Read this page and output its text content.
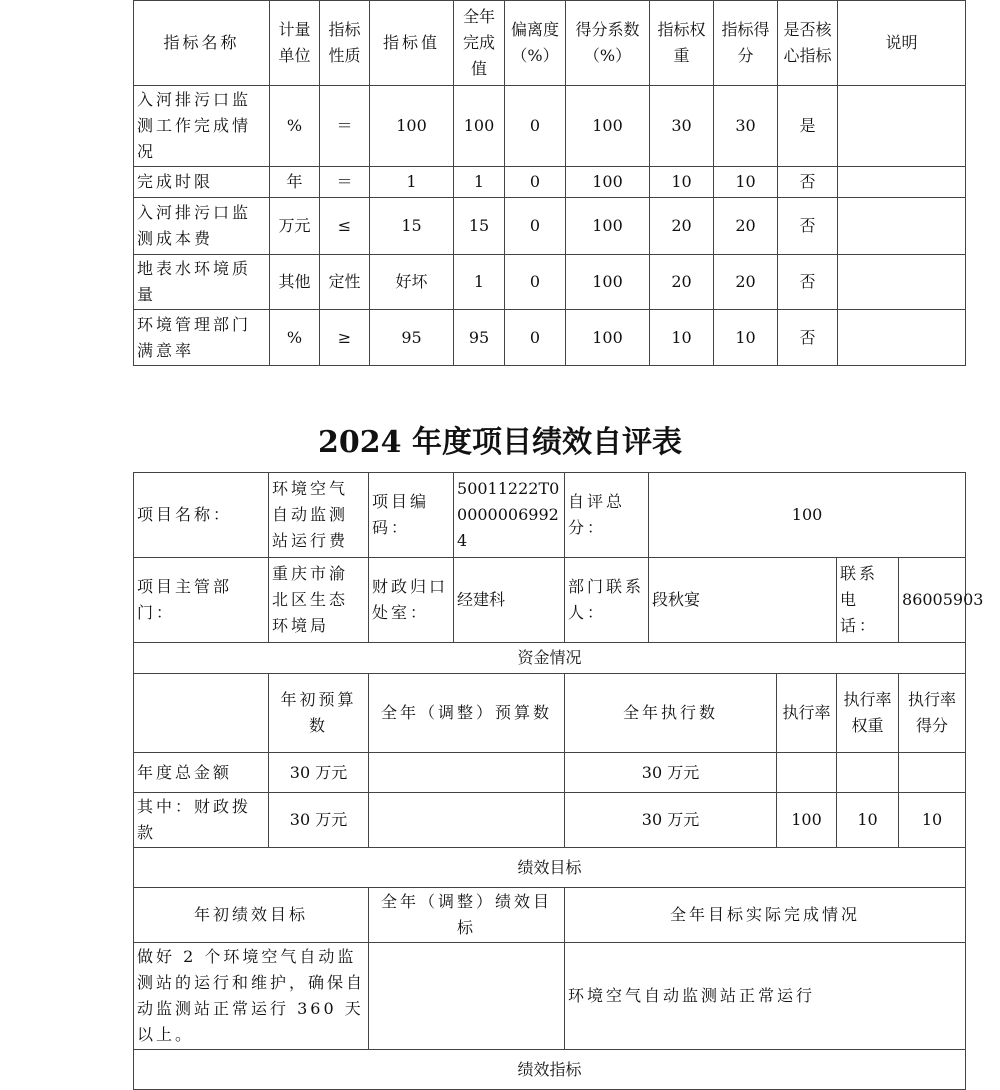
指标名称	计量单位	指标性质	指标值	全年完成值	偏离度（%）	得分系数（%）	指标权重	指标得分	是否核心指标	说明
入河排污口监测工作完成情况	%	＝	100	100	0	100	30	30	是	
完成时限	年	＝	1	1	0	100	10	10	否	
入河排污口监测成本费	万元	≤	15	15	0	100	20	20	否	
地表水环境质量	其他	定性	好坏	1	0	100	20	20	否	
环境管理部门满意率	%	≥	95	95	0	100	10	10	否	
2024 年度项目绩效自评表
项目名称：	环境空气自动监测站运行费	项目编码：	50011222T000000069924	自评总分：	100			
项目主管部门：	重庆市渝北区生态环境局	财政归口处室：	经建科	部门联系人：	段秋宴		联系电话：	86005903
资金情况								
	年初预算数	全年（调整）预算数		全年执行数		执行率	执行率权重	执行率得分
年度总金额	30 万元			30 万元				
其中：财政拨款	30 万元			30 万元		100	10	10
绩效目标								
年初绩效目标		全年（调整）绩效目标		全年目标实际完成情况				
做好 2 个环境空气自动监测站的运行和维护，确保自动监测站正常运行 360 天以上。				环境空气自动监测站正常运行				
绩效指标								
